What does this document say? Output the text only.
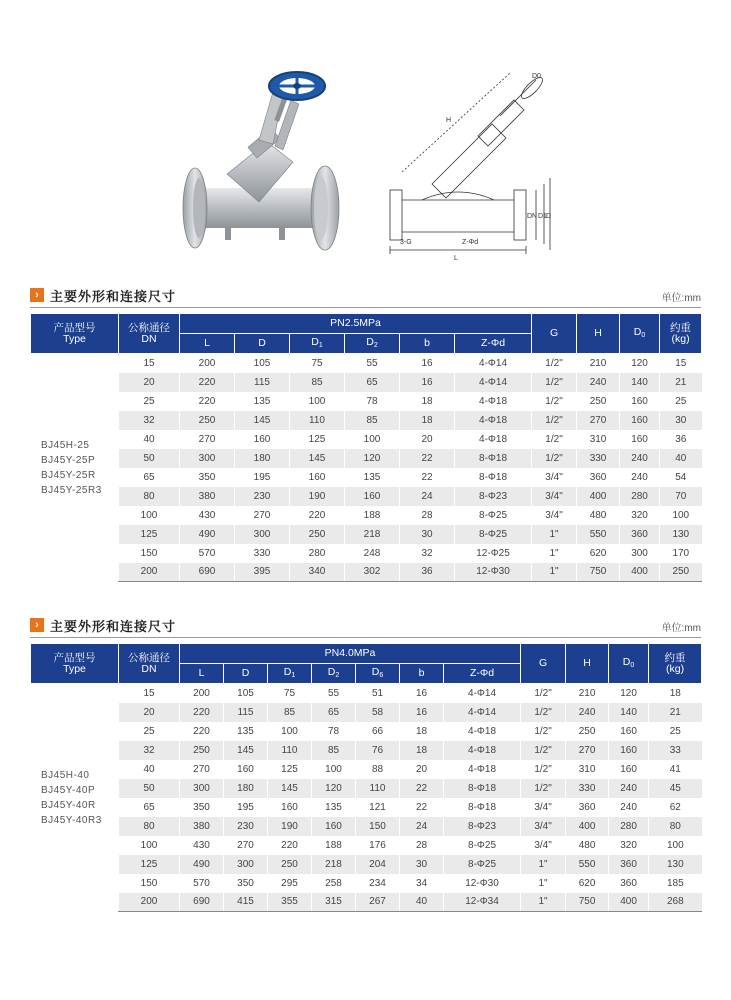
L
H
D0
DN D1 D
Z-Φd
3-G
› 主要外形和连接尺寸	单位:mm
产品型号
Type	公称通径
DN	PN2.5MPa						G	H	$D_0$	约重
(kg)

		L	D	$D_1$	$D_2$	b	Z-Φd				

BJ45H-25
BJ45Y-25P
BJ45Y-25R
BJ45Y-25R3	15	200	105	75	55	16	4-Φ14	1/2"	210	120	15
	20	220	115	85	65	16	4-Φ14	1/2"	240	140	21
	25	220	135	100	78	18	4-Φ18	1/2"	250	160	25
	32	250	145	110	85	18	4-Φ18	1/2"	270	160	30
	40	270	160	125	100	20	4-Φ18	1/2"	310	160	36
	50	300	180	145	120	22	8-Φ18	1/2"	330	240	40
	65	350	195	160	135	22	8-Φ18	3/4"	360	240	54
	80	380	230	190	160	24	8-Φ23	3/4"	400	280	70
	100	430	270	220	188	28	8-Φ25	3/4"	480	320	100
	125	490	300	250	218	30	8-Φ25	1"	550	360	130
	150	570	330	280	248	32	12-Φ25	1"	620	300	170
	200	690	395	340	302	36	12-Φ30	1"	750	400	250
› 主要外形和连接尺寸	单位:mm
产品型号
Type	公称通径
DN	PN4.0MPa							G	H	$D_0$	约重
(kg)

		L	D	$D_1$	$D_2$	$D_6$	b	Z-Φd				

BJ45H-40
BJ45Y-40P
BJ45Y-40R
BJ45Y-40R3	15	200	105	75	55	51	16	4-Φ14	1/2"	210	120	18
	20	220	115	85	65	58	16	4-Φ14	1/2"	240	140	21
	25	220	135	100	78	66	18	4-Φ18	1/2"	250	160	25
	32	250	145	110	85	76	18	4-Φ18	1/2"	270	160	33
	40	270	160	125	100	88	20	4-Φ18	1/2"	310	160	41
	50	300	180	145	120	110	22	8-Φ18	1/2"	330	240	45
	65	350	195	160	135	121	22	8-Φ18	3/4"	360	240	62
	80	380	230	190	160	150	24	8-Φ23	3/4"	400	280	80
	100	430	270	220	188	176	28	8-Φ25	3/4"	480	320	100
	125	490	300	250	218	204	30	8-Φ25	1"	550	360	130
	150	570	350	295	258	234	34	12-Φ30	1"	620	360	185
	200	690	415	355	315	267	40	12-Φ34	1"	750	400	268
